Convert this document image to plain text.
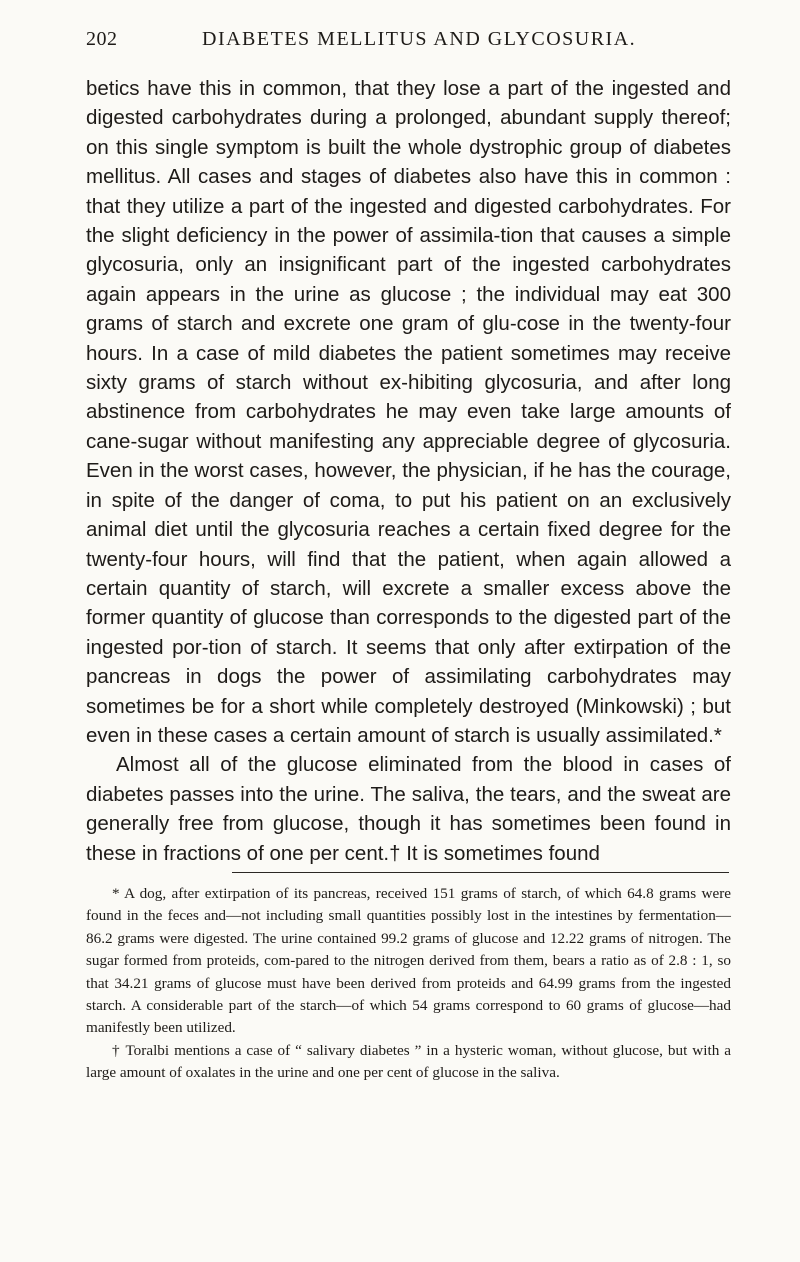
202	DIABETES MELLITUS AND GLYCOSURIA.

betics have this in common, that they lose a part of the ingested and digested carbohydrates during a prolonged, abundant supply thereof; on this single symptom is built the whole dystrophic group of diabetes mellitus. All cases and stages of diabetes also have this in common : that they utilize a part of the ingested and digested carbohydrates. For the slight deficiency in the power of assimila-tion that causes a simple glycosuria, only an insignificant part of the ingested carbohydrates again appears in the urine as glucose ; the individual may eat 300 grams of starch and excrete one gram of glu-cose in the twenty-four hours. In a case of mild diabetes the patient sometimes may receive sixty grams of starch without ex-hibiting glycosuria, and after long abstinence from carbohydrates he may even take large amounts of cane-sugar without manifesting any appreciable degree of glycosuria. Even in the worst cases, however, the physician, if he has the courage, in spite of the danger of coma, to put his patient on an exclusively animal diet until the glycosuria reaches a certain fixed degree for the twenty-four hours, will find that the patient, when again allowed a certain quantity of starch, will excrete a smaller excess above the former quantity of glucose than corresponds to the digested part of the ingested por-tion of starch. It seems that only after extirpation of the pancreas in dogs the power of assimilating carbohydrates may sometimes be for a short while completely destroyed (Minkowski) ; but even in these cases a certain amount of starch is usually assimilated.*

Almost all of the glucose eliminated from the blood in cases of diabetes passes into the urine. The saliva, the tears, and the sweat are generally free from glucose, though it has sometimes been found in these in fractions of one per cent.† It is sometimes found

* A dog, after extirpation of its pancreas, received 151 grams of starch, of which 64.8 grams were found in the feces and—not including small quantities possibly lost in the intestines by fermentation—86.2 grams were digested. The urine contained 99.2 grams of glucose and 12.22 grams of nitrogen. The sugar formed from proteids, com-pared to the nitrogen derived from them, bears a ratio as of 2.8 : 1, so that 34.21 grams of glucose must have been derived from proteids and 64.99 grams from the ingested starch. A considerable part of the starch—of which 54 grams correspond to 60 grams of glucose—had manifestly been utilized.

† Toralbi mentions a case of “ salivary diabetes ” in a hysteric woman, without glucose, but with a large amount of oxalates in the urine and one per cent of glucose in the saliva.
